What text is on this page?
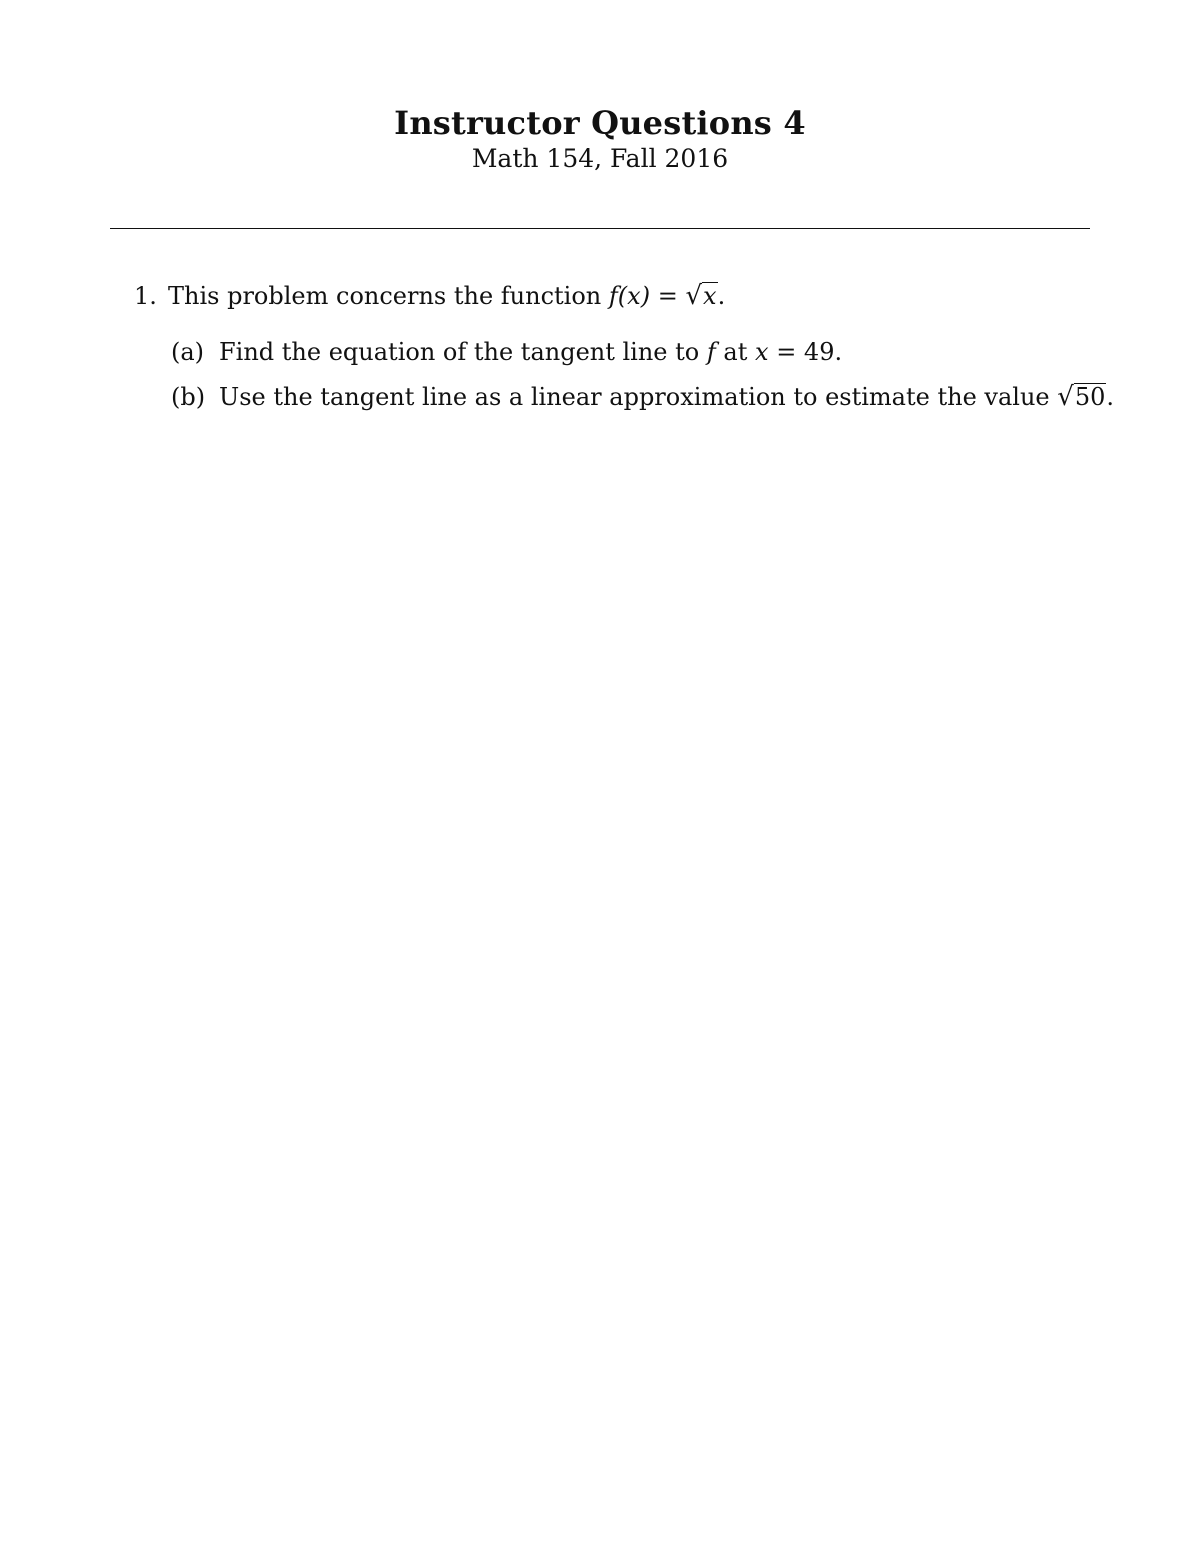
Instructor Questions 4
Math 154, Fall 2016
1. This problem concerns the function f(x) = √x.
(a) Find the equation of the tangent line to f at x = 49.
(b) Use the tangent line as a linear approximation to estimate the value √50.
